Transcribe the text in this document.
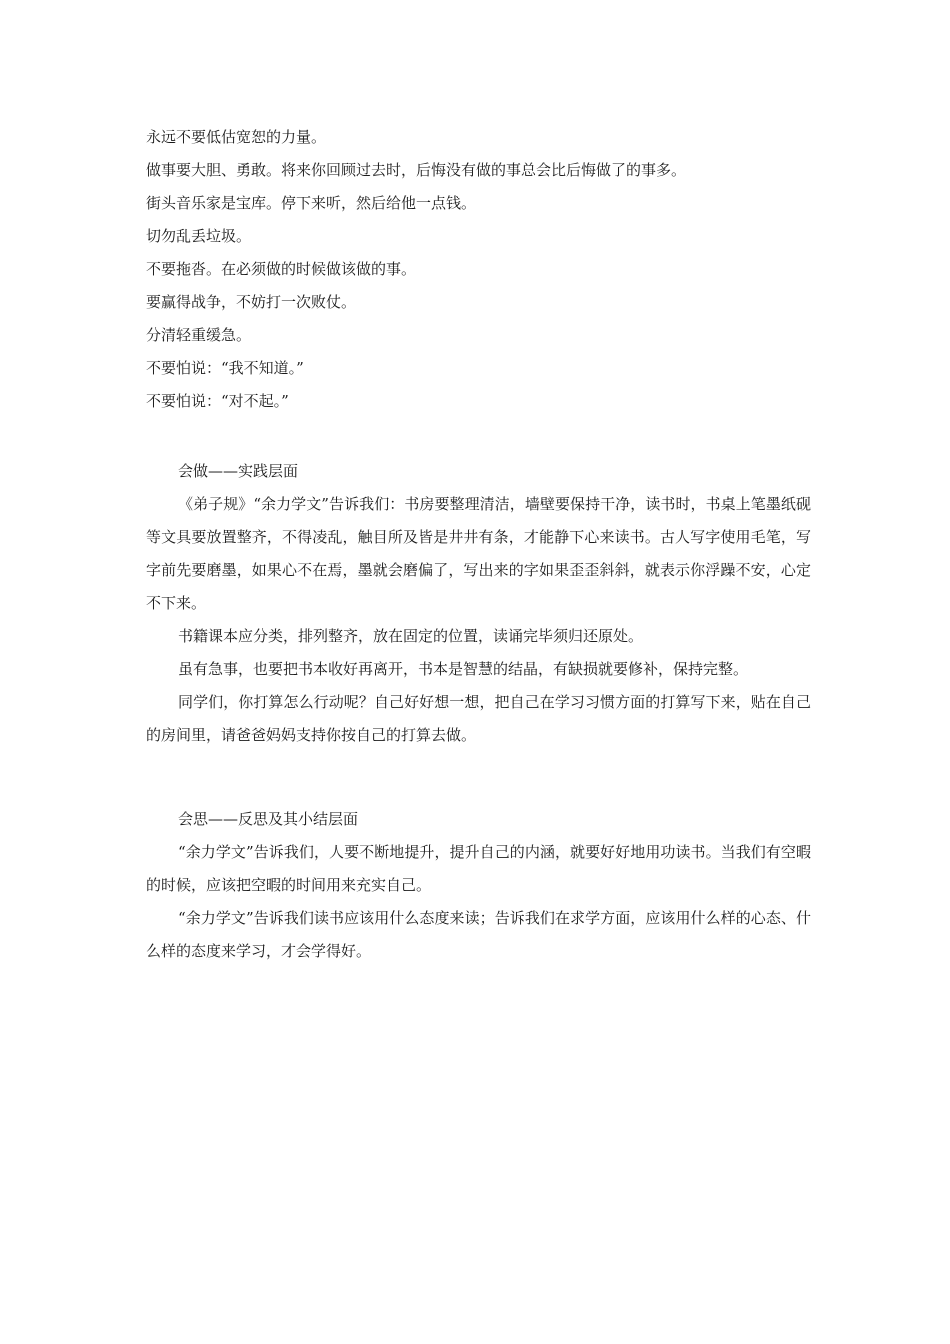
永远不要低估宽恕的力量。
做事要大胆、勇敢。将来你回顾过去时，后悔没有做的事总会比后悔做了的事多。
街头音乐家是宝库。停下来听，然后给他一点钱。
切勿乱丢垃圾。
不要拖沓。在必须做的时候做该做的事。
要赢得战争，不妨打一次败仗。
分清轻重缓急。
不要怕说：“我不知道。”
不要怕说：“对不起。”
会做——实践层面

《弟子规》“余力学文”告诉我们：书房要整理清洁，墙壁要保持干净，读书时，书桌上笔墨纸砚等文具要放置整齐，不得凌乱，触目所及皆是井井有条，才能静下心来读书。古人写字使用毛笔，写字前先要磨墨，如果心不在焉，墨就会磨偏了，写出来的字如果歪歪斜斜，就表示你浮躁不安，心定不下来。

书籍课本应分类，排列整齐，放在固定的位置，读诵完毕须归还原处。

虽有急事，也要把书本收好再离开，书本是智慧的结晶，有缺损就要修补，保持完整。

同学们，你打算怎么行动呢？自己好好想一想，把自己在学习习惯方面的打算写下来，贴在自己的房间里，请爸爸妈妈支持你按自己的打算去做。

会思——反思及其小结层面

“余力学文”告诉我们，人要不断地提升，提升自己的内涵，就要好好地用功读书。当我们有空暇的时候，应该把空暇的时间用来充实自己。

“余力学文”告诉我们读书应该用什么态度来读；告诉我们在求学方面，应该用什么样的心态、什么样的态度来学习，才会学得好。
